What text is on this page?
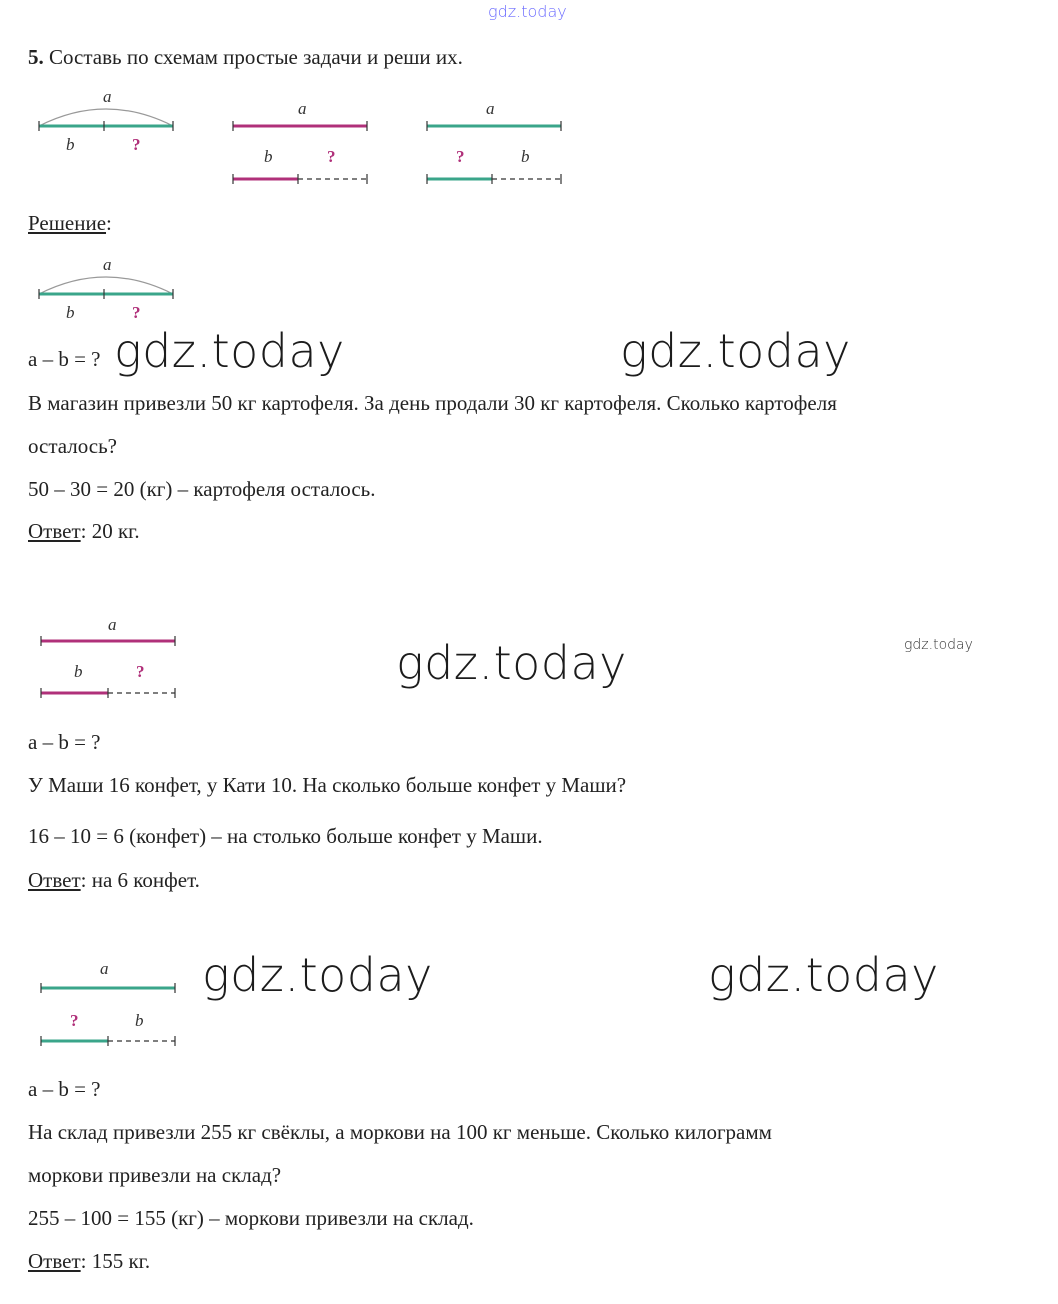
gdz.today
5. Составь по схемам простые задачи и реши их.
a
b	?
a
b	?
a
?	b
Решение:
a
b	?
a – b = ? gdz.today	gdz.today
В магазин привезли 50 кг картофеля. За день продали 30 кг картофеля. Сколько картофеля
осталось?
50 – 30 = 20 (кг) – картофеля осталось.
Ответ: 20 кг.
a
b	?	gdz.today	gdz.today
a – b = ?
У Маши 16 конфет, у Кати 10. На сколько больше конфет у Маши?
16 – 10 = 6 (конфет) – на столько больше конфет у Маши.
Ответ: на 6 конфет.
a
?	b
gdz.today	gdz.today
a – b = ?
На склад привезли 255 кг свёклы, а моркови на 100 кг меньше. Сколько килограмм
моркови привезли на склад?
255 – 100 = 155 (кг) – моркови привезли на склад.
Ответ: 155 кг.
